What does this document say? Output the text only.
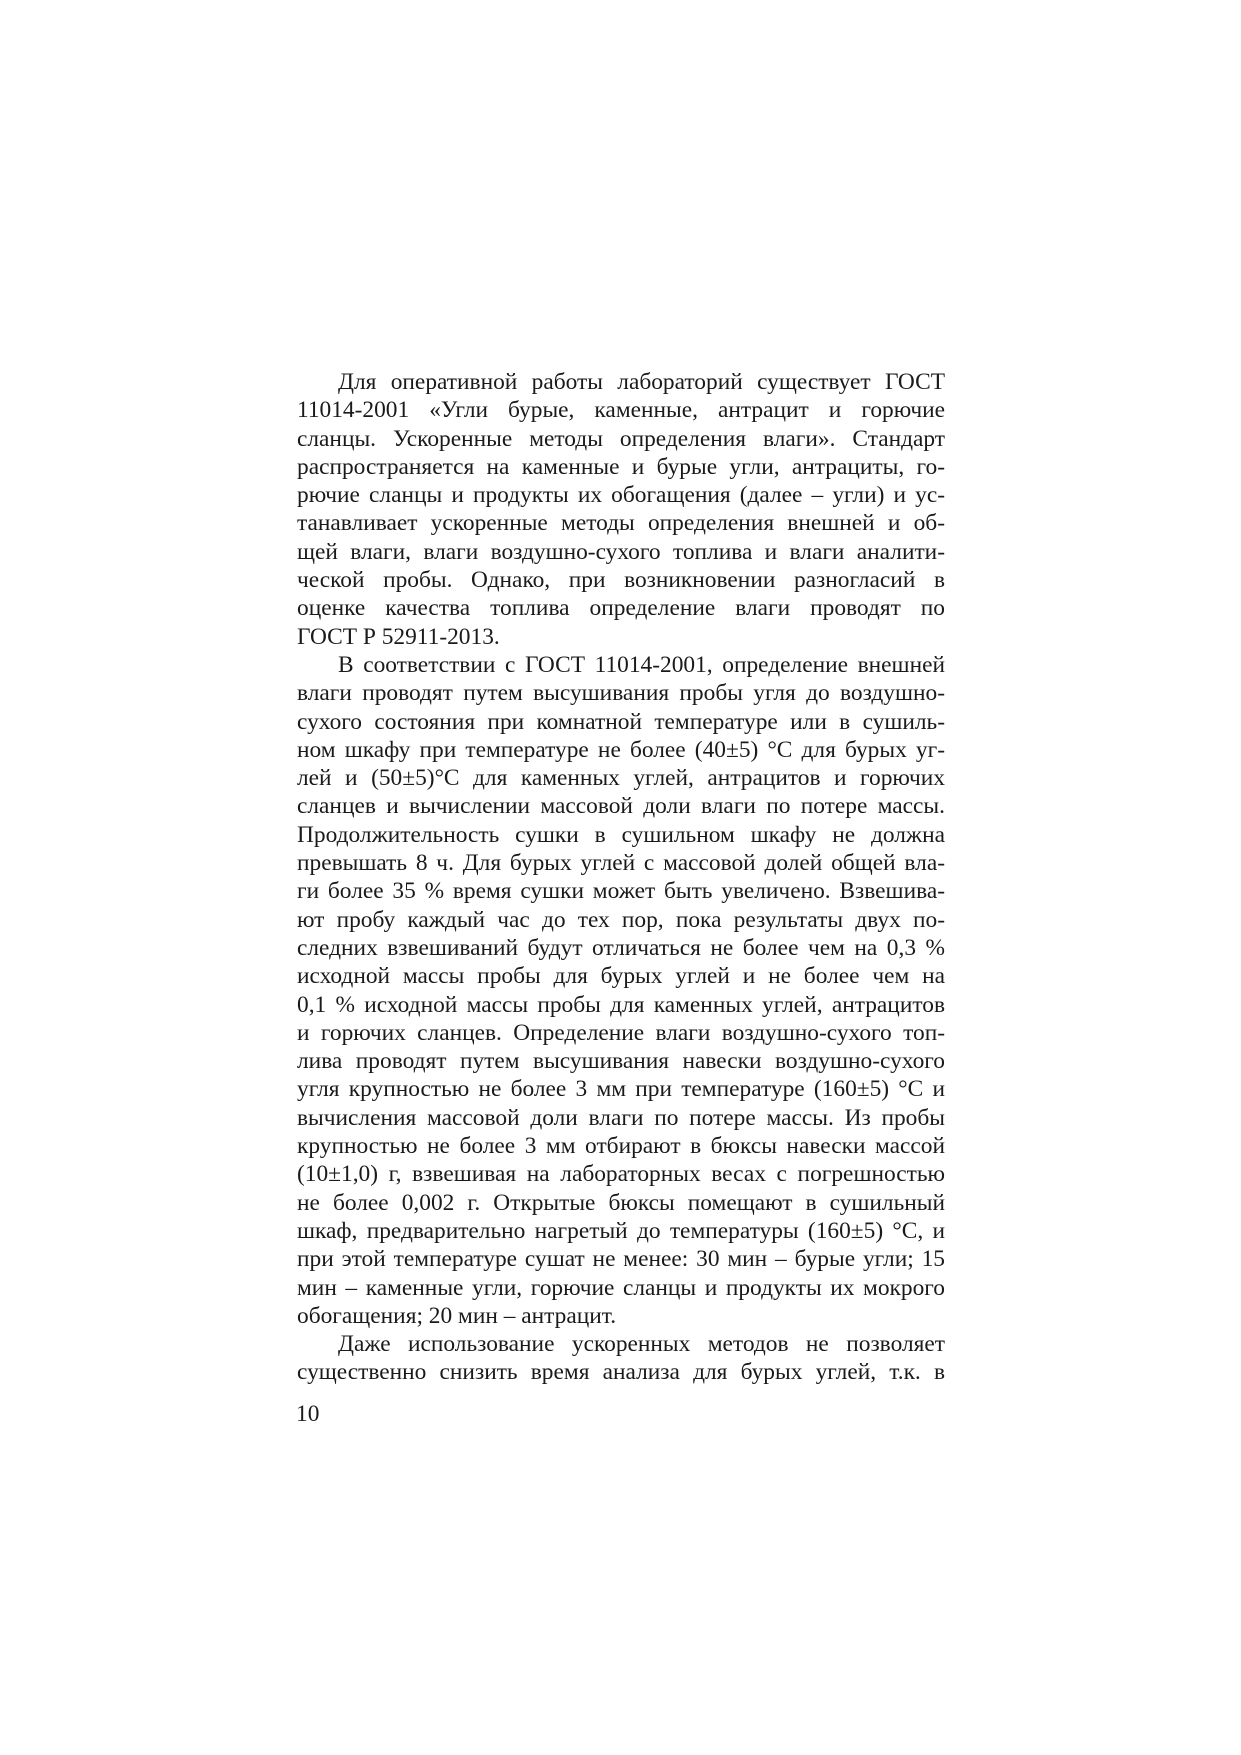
Для оперативной работы лабораторий существует ГОСТ
11014-2001 «Угли бурые, каменные, антрацит и горючие
сланцы. Ускоренные методы определения влаги». Стандарт
распространяется на каменные и бурые угли, антрациты, го-
рючие сланцы и продукты их обогащения (далее – угли) и ус-
танавливает ускоренные методы определения внешней и об-
щей влаги, влаги воздушно-сухого топлива и влаги аналити-
ческой пробы. Однако, при возникновении разногласий в
оценке качества топлива определение влаги проводят по
ГОСТ Р 52911-2013.
В соответствии с ГОСТ 11014-2001, определение внешней
влаги проводят путем высушивания пробы угля до воздушно-
сухого состояния при комнатной температуре или в сушиль-
ном шкафу при температуре не более (40±5) °С для бурых уг-
лей и (50±5)°С для каменных углей, антрацитов и горючих
сланцев и вычислении массовой доли влаги по потере массы.
Продолжительность сушки в сушильном шкафу не должна
превышать 8 ч. Для бурых углей с массовой долей общей вла-
ги более 35 % время сушки может быть увеличено. Взвешива-
ют пробу каждый час до тех пор, пока результаты двух по-
следних взвешиваний будут отличаться не более чем на 0,3 %
исходной массы пробы для бурых углей и не более чем на
0,1 % исходной массы пробы для каменных углей, антрацитов
и горючих сланцев. Определение влаги воздушно-сухого топ-
лива проводят путем высушивания навески воздушно-сухого
угля крупностью не более 3 мм при температуре (160±5) °С и
вычисления массовой доли влаги по потере массы. Из пробы
крупностью не более 3 мм отбирают в бюксы навески массой
(10±1,0) г, взвешивая на лабораторных весах с погрешностью
не более 0,002 г. Открытые бюксы помещают в сушильный
шкаф, предварительно нагретый до температуры (160±5) °С, и
при этой температуре сушат не менее: 30 мин – бурые угли; 15
мин – каменные угли, горючие сланцы и продукты их мокрого
обогащения; 20 мин – антрацит.
Даже использование ускоренных методов не позволяет
существенно снизить время анализа для бурых углей, т.к. в
10
